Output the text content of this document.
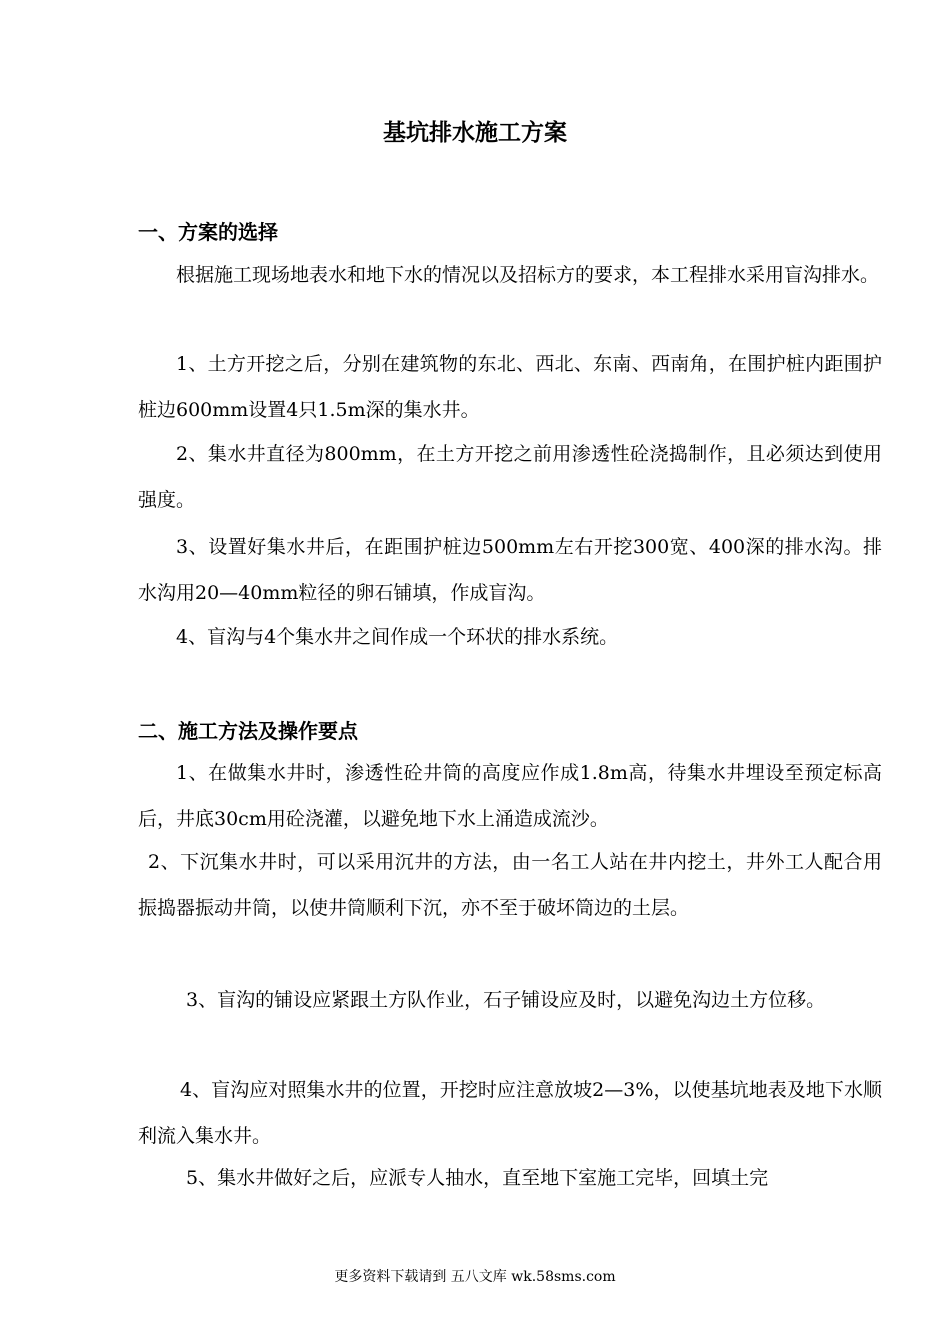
基坑排水施工方案
一、方案的选择
根据施工现场地表水和地下水的情况以及招标方的要求，本工程排水采用盲沟排水。
1、土方开挖之后，分别在建筑物的东北、西北、东南、西南角，在围护桩内距围护桩边600mm设置4只1.5m深的集水井。
2、集水井直径为800mm，在土方开挖之前用渗透性砼浇捣制作，且必须达到使用强度。
3、设置好集水井后，在距围护桩边500mm左右开挖300宽、400深的排水沟。排水沟用20—40mm粒径的卵石铺填，作成盲沟。
4、盲沟与4个集水井之间作成一个环状的排水系统。
二、施工方法及操作要点
1、在做集水井时，渗透性砼井筒的高度应作成1.8m高，待集水井埋设至预定标高后，井底30cm用砼浇灌，以避免地下水上涌造成流沙。
2、下沉集水井时，可以采用沉井的方法，由一名工人站在井内挖土，井外工人配合用振捣器振动井筒，以使井筒顺利下沉，亦不至于破坏筒边的土层。
3、盲沟的铺设应紧跟土方队作业，石子铺设应及时，以避免沟边土方位移。
4、盲沟应对照集水井的位置，开挖时应注意放坡2—3%，以使基坑地表及地下水顺利流入集水井。
5、集水井做好之后，应派专人抽水，直至地下室施工完毕，回填土完
更多资料下载请到 五八文库 wk.58sms.com
